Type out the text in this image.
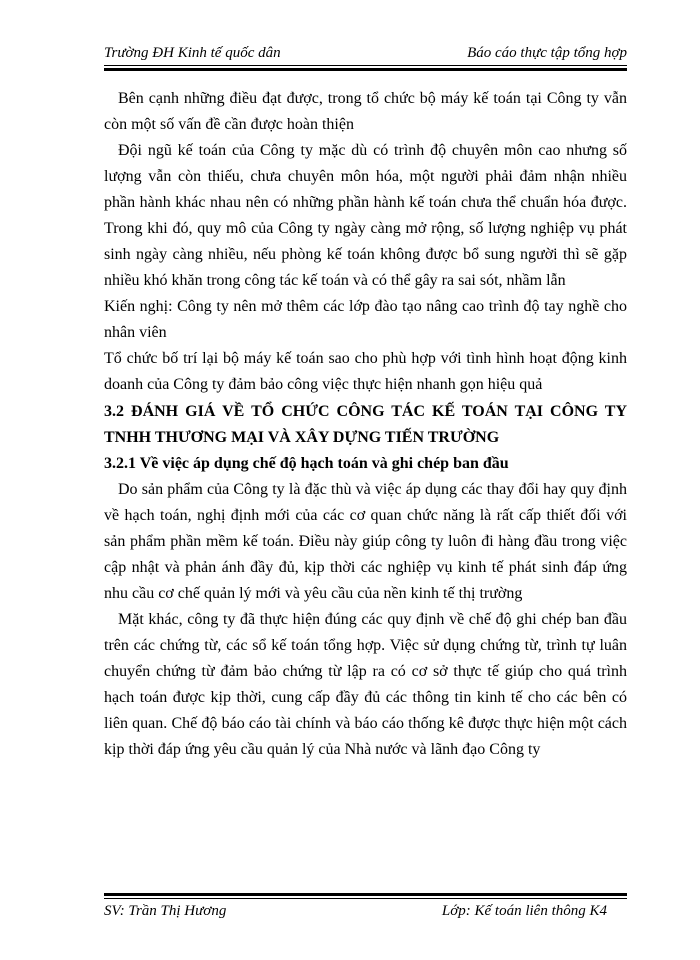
Trường ĐH Kinh tế quốc dân	Báo cáo thực tập tổng hợp

Bên cạnh những điều đạt được, trong tổ chức bộ máy kế toán tại Công ty vẫn còn một số vấn đề cần được hoàn thiện

Đội ngũ kế toán của Công ty mặc dù có trình độ chuyên môn cao nhưng số lượng vẫn còn thiếu, chưa chuyên môn hóa, một người phải đảm nhận nhiều phần hành khác nhau nên có những phần hành kế toán chưa thể chuẩn hóa được. Trong khi đó, quy mô của Công ty ngày càng mở rộng, số lượng nghiệp vụ phát sinh ngày càng nhiều, nếu phòng kế toán không được bổ sung người thì sẽ gặp nhiều khó khăn trong công tác kế toán và có thể gây ra sai sót, nhầm lẫn

Kiến nghị: Công ty nên mở thêm các lớp đào tạo nâng cao trình độ tay nghề cho nhân viên

Tổ chức bố trí lại bộ máy kế toán sao cho phù hợp với tình hình hoạt động kinh doanh của Công ty đảm bảo công việc thực hiện nhanh gọn hiệu quả

3.2 ĐÁNH GIÁ VỀ TỔ CHỨC CÔNG TÁC KẾ TOÁN TẠI CÔNG TY

TNHH THƯƠNG MẠI VÀ XÂY DỰNG TIẾN TRƯỜNG

3.2.1 Về việc áp dụng chế độ hạch toán và ghi chép ban đầu

Do sản phẩm của Công ty là đặc thù và việc áp dụng các thay đổi hay quy định về hạch toán, nghị định mới của các cơ quan chức năng là rất cấp thiết đối với sản phẩm phần mềm kế toán. Điều này giúp công ty luôn đi hàng đầu trong việc cập nhật và phản ánh đầy đủ, kịp thời các nghiệp vụ kinh tế phát sinh đáp ứng nhu cầu cơ chế quản lý mới và yêu cầu của nền kinh tế thị trường

Mặt khác, công ty đã thực hiện đúng các quy định về chế độ ghi chép ban đầu trên các chứng từ, các sổ kế toán tổng hợp. Việc sử dụng chứng từ, trình tự luân chuyển chứng từ đảm bảo chứng từ lập ra có cơ sở thực tế giúp cho quá trình hạch toán được kịp thời, cung cấp đầy đủ các thông tin kinh tế cho các bên có liên quan. Chế độ báo cáo tài chính và báo cáo thống kê được thực hiện một cách kịp thời đáp ứng yêu cầu quản lý của Nhà nước và lãnh đạo Công ty

SV: Trần Thị Hương	Lớp: Kế toán liên thông K4
